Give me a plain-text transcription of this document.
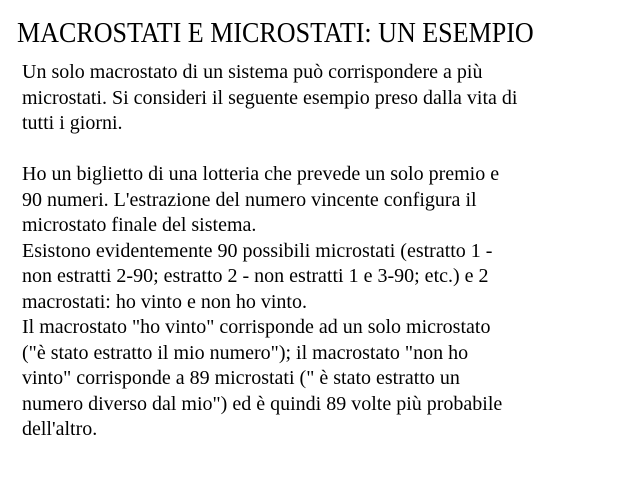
MACROSTATI E MICROSTATI: UN ESEMPIO
Un solo macrostato di un sistema può corrispondere a più
microstati. Si consideri il seguente esempio preso dalla vita di
tutti i giorni.
Ho un biglietto di una lotteria che prevede un solo premio e
90 numeri. L'estrazione del numero vincente configura il
microstato finale del sistema.
Esistono evidentemente 90 possibili microstati (estratto 1 -
non estratti 2-90; estratto 2 - non estratti 1 e 3-90; etc.) e 2
macrostati: ho vinto e non ho vinto.
Il macrostato "ho vinto" corrisponde ad un solo microstato
("è stato estratto il mio numero"); il macrostato "non ho
vinto" corrisponde a 89 microstati (" è stato estratto un
numero diverso dal mio") ed è quindi 89 volte più probabile
dell'altro.
